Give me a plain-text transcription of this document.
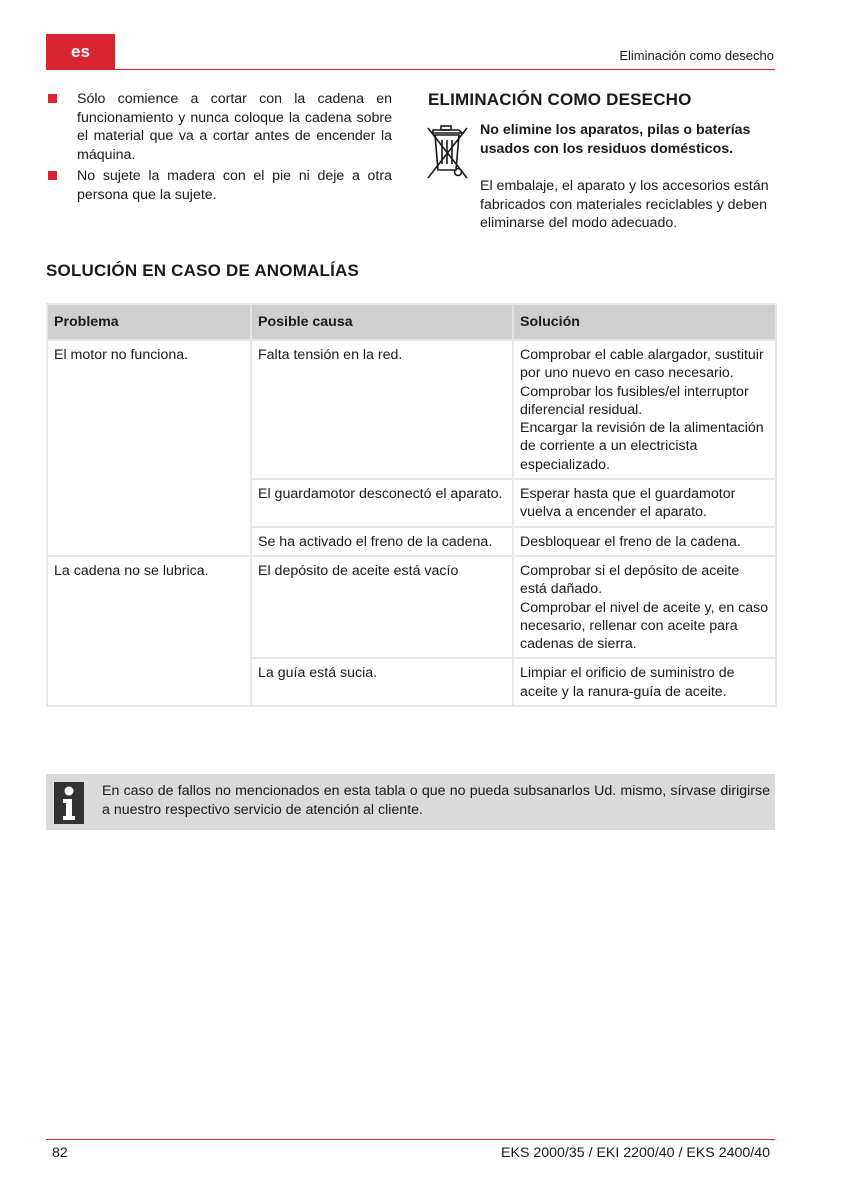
es	Eliminación como desecho
Sólo comience a cortar con la cadena en funcionamiento y nunca coloque la cadena sobre el material que va a cortar antes de encender la máquina.
No sujete la madera con el pie ni deje a otra persona que la sujete.
ELIMINACIÓN COMO DESECHO
No elimine los aparatos, pilas o baterías usados con los residuos domésticos.
El embalaje, el aparato y los accesorios están fabricados con materiales reciclables y deben eliminarse del modo adecuado.
SOLUCIÓN EN CASO DE ANOMALÍAS
Problema	Posible causa	Solución
El motor no funciona.	Falta tensión en la red.	Comprobar el cable alargador, sustituir por uno nuevo en caso necesario.
Comprobar los fusibles/el interruptor diferencial residual.
Encargar la revisión de la alimentación de corriente a un electricista especializado.
	El guardamotor desconectó el aparato.	Esperar hasta que el guardamotor vuelva a encender el aparato.
	Se ha activado el freno de la cadena.	Desbloquear el freno de la cadena.
La cadena no se lubrica.	El depósito de aceite está vacío	Comprobar si el depósito de aceite está dañado.
Comprobar el nivel de aceite y, en caso necesario, rellenar con aceite para cadenas de sierra.
	La guía está sucia.	Limpiar el orificio de suministro de aceite y la ranura-guía de aceite.
En caso de fallos no mencionados en esta tabla o que no pueda subsanarlos Ud. mismo, sírvase dirigirse a nuestro respectivo servicio de atención al cliente.
82	EKS 2000/35 / EKI 2200/40 / EKS 2400/40
